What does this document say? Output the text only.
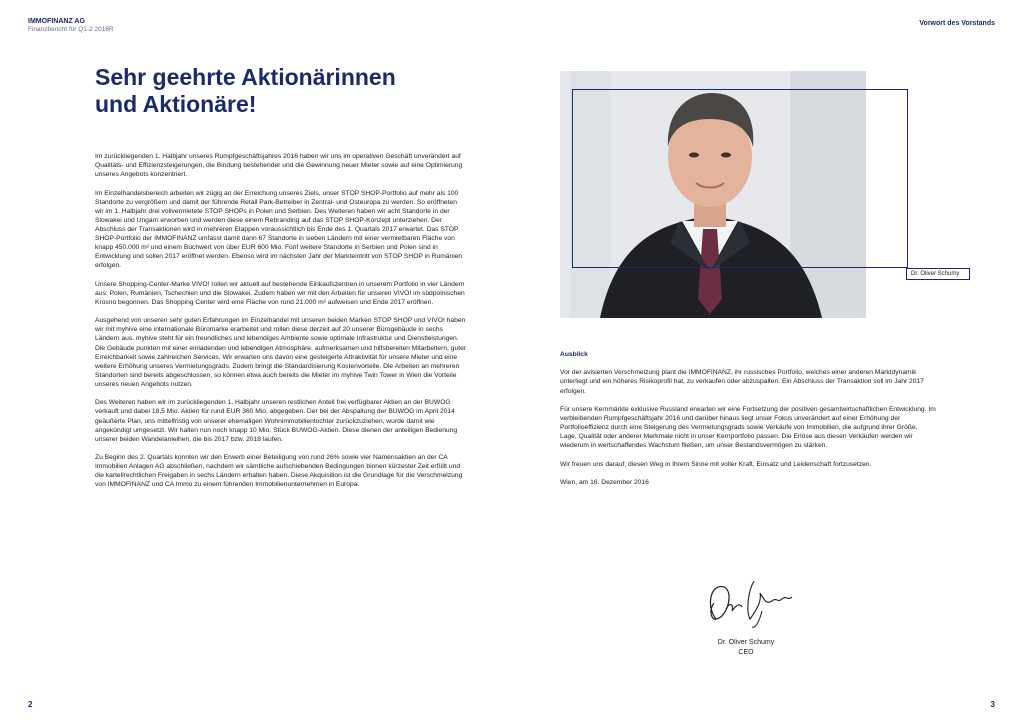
IMMOFINANZ AG
Finanzbericht für Q1-2 2016R
Vorwort des Vorstands
Sehr geehrte Aktionärinnen
und Aktionäre!

Im zurückliegenden 1. Halbjahr unseres Rumpfgeschäftsjahres 2016 haben wir uns im operativen Geschäft unverändert auf Qualitäts- und Effizienzsteigerungen, die Bindung bestehender und die Gewinnung neuer Mieter sowie auf eine Optimierung unseres Angebots konzentriert.

Im Einzelhandelsbereich arbeiten wir zügig an der Erreichung unseres Ziels, unser STOP SHOP-Portfolio auf mehr als 100 Standorte zu vergrößern und damit der führende Retail Park-Betreiber in Zentral- und Osteuropa zu werden. So eröffneten wir im 1. Halbjahr drei vollvermietete STOP SHOPs in Polen und Serbien. Des Weiteren haben wir acht Standorte in der Slowakei und Ungarn erworben und werden diese einem Rebranding auf das STOP SHOP-Konzept unterziehen. Der Abschluss der Transaktionen wird in mehreren Etappen voraussichtlich bis Ende des 1. Quartals 2017 erwartet. Das STOP SHOP-Portfolio der IMMOFINANZ umfasst damit dann 67 Standorte in sieben Ländern mit einer vermietbaren Fläche von knapp 450.000 m² und einem Buchwert von über EUR 600 Mio. Fünf weitere Standorte in Serbien und Polen sind in Entwicklung und sollen 2017 eröffnet werden. Ebenso wird im nächsten Jahr der Markteintritt von STOP SHOP in Rumänien erfolgen.

Unsere Shopping-Center-Marke VIVO! rollen wir aktuell auf bestehende Einkaufszentren in unserem Portfolio in vier Ländern aus: Polen, Rumänien, Tschechien und die Slowakei. Zudem haben wir mit den Arbeiten für unseren VIVO! im südpolnischen Krosno begonnen. Das Shopping Center wird eine Fläche von rund 21.000 m² aufweisen und Ende 2017 eröffnen.

Ausgehend von unseren sehr guten Erfahrungen im Einzelhandel mit unseren beiden Marken STOP SHOP und VIVO! haben wir mit myhive eine internationale Büromarke erarbeitet und rollen diese derzeit auf 20 unserer Bürogebäude in sechs Ländern aus. myhive steht für ein freundliches und lebendiges Ambiente sowie optimale Infrastruktur und Dienstleistungen. Die Gebäude punkten mit einer einladenden und lebendigen Atmosphäre, aufmerksamen und hilfsbereiten Mitarbeitern, guter Erreichbarkeit sowie zahlreichen Services. Wir erwarten uns davon eine gesteigerte Attraktivität für unsere Mieter und eine weitere Erhöhung unseres Vermietungsgrads. Zudem bringt die Standardisierung Kostenvorteile. Die Arbeiten an mehreren Standorten sind bereits abgeschlossen, so können etwa auch bereits die Mieter im myhive Twin Tower in Wien die Vorteile unseres neuen Angebots nutzen.

Des Weiteren haben wir im zurückliegenden 1. Halbjahr unseren restlichen Anteil frei verfügbarer Aktien an der BUWOG verkauft und dabei 18,5 Mio. Aktien für rund EUR 360 Mio. abgegeben. Der bei der Abspaltung der BUWOG im April 2014 geäußerte Plan, uns mittelfristig von unserer ehemaligen Wohnimmobilientochter zurückzuziehen, wurde damit wie angekündigt umgesetzt. Wir halten nun noch knapp 10 Mio. Stück BUWOG-Aktien. Diese dienen der anteiligen Bedienung unserer beiden Wandelanleihen, die bis 2017 bzw. 2018 laufen.

Zu Beginn des 2. Quartals konnten wir den Erwerb einer Beteiligung von rund 26% sowie vier Namensaktien an der CA Immobilien Anlagen AG abschließen, nachdem wir sämtliche aufschiebenden Bedingungen binnen kürzester Zeit erfüllt und die kartellrechtlichen Freigaben in sechs Ländern erhalten haben. Diese Akquisition ist die Grundlage für die Verschmelzung von IMMOFINANZ und CA Immo zu einem führenden Immobilienunternehmen in Europa.

Dr. Oliver Schumy

Ausblick

Vor der avisierten Verschmelzung plant die IMMOFINANZ, ihr russisches Portfolio, welches einer anderen Marktdynamik unterliegt und ein höheres Risikoprofil hat, zu verkaufen oder abzuspalten. Ein Abschluss der Transaktion soll im Jahr 2017 erfolgen.

Für unsere Kernmärkte exklusive Russland erwarten wir eine Fortsetzung der positiven gesamtwirtschaftlichen Entwicklung. Im verbleibenden Rumpfgeschäftsjahr 2016 und darüber hinaus liegt unser Fokus unverändert auf einer Erhöhung der Portfolioeffizienz durch eine Steigerung des Vermietungsgrads sowie Verkäufe von Immobilien, die aufgrund ihrer Größe, Lage, Qualität oder anderer Merkmale nicht in unser Kernportfolio passen. Die Erlöse aus diesen Verkäufen werden wir wiederum in wertschaffendes Wachstum fließen, um unser Bestandsvermögen zu stärken.

Wir freuen uns darauf, diesen Weg in Ihrem Sinne mit voller Kraft, Einsatz und Leidenschaft fortzusetzen.

Wien, am 16. Dezember 2016

Dr. Oliver Schumy
CEO
2	3
